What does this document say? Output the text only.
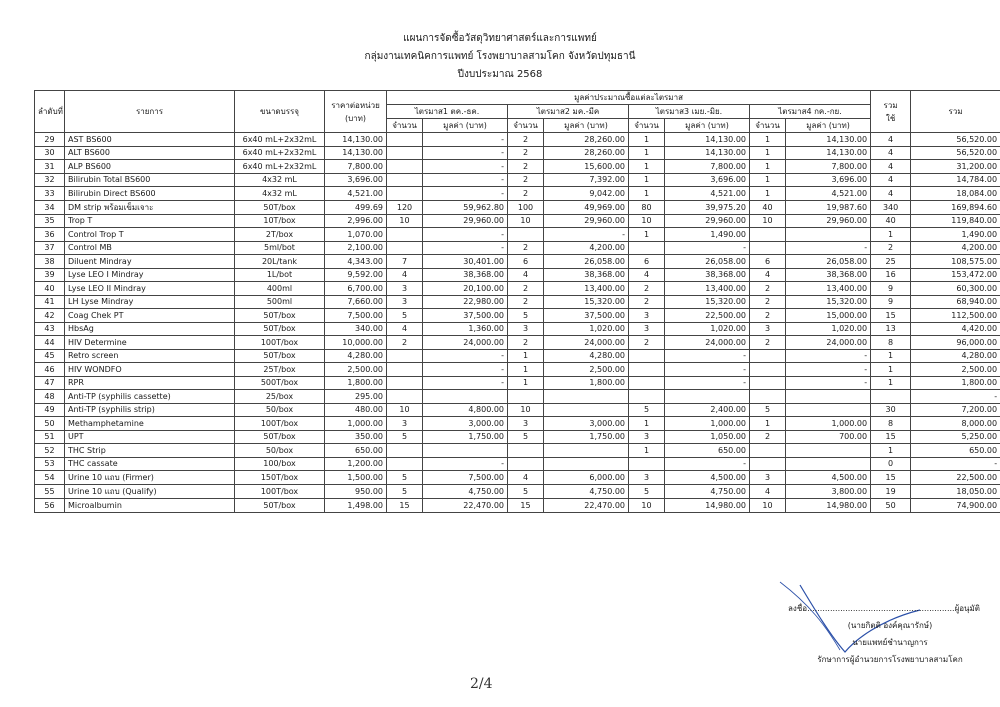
แผนการจัดซื้อวัสดุวิทยาศาสตร์และการแพทย์
กลุ่มงานเทคนิคการแพทย์ โรงพยาบาลสามโคก จังหวัดปทุมธานี
ปีงบประมาณ 2568
ลำดับที่	รายการ	ขนาดบรรจุ	ราคาต่อหน่วย
(บาท)	มูลค่าประมาณซื้อแต่ละไตรมาส								รวม
ใช้	รวม
				ไตรมาส1 ตค.-ธค.		ไตรมาส2 มค.-มีค		ไตรมาส3 เมย.-มิย.		ไตรมาส4 กค.-กย.			
				จำนวน	มูลค่า (บาท)	จำนวน	มูลค่า (บาท)	จำนวน	มูลค่า (บาท)	จำนวน	มูลค่า (บาท)		
29	AST BS600	6x40 mL+2x32mL	14,130.00		-	2	28,260.00	1	14,130.00	1	14,130.00	4	56,520.00
30	ALT BS600	6x40 mL+2x32mL	14,130.00		-	2	28,260.00	1	14,130.00	1	14,130.00	4	56,520.00
31	ALP BS600	6x40 mL+2x32mL	7,800.00		-	2	15,600.00	1	7,800.00	1	7,800.00	4	31,200.00
32	Bilirubin Total BS600	4x32 mL	3,696.00		-	2	7,392.00	1	3,696.00	1	3,696.00	4	14,784.00
33	Bilirubin Direct BS600	4x32 mL	4,521.00		-	2	9,042.00	1	4,521.00	1	4,521.00	4	18,084.00
34	DM strip พร้อมเข็มเจาะ	50T/box	499.69	120	59,962.80	100	49,969.00	80	39,975.20	40	19,987.60	340	169,894.60
35	Trop T	10T/box	2,996.00	10	29,960.00	10	29,960.00	10	29,960.00	10	29,960.00	40	119,840.00
36	Control Trop T	2T/box	1,070.00		-		-	1	1,490.00			1	1,490.00
37	Control MB	5ml/bot	2,100.00		-	2	4,200.00		-		-	2	4,200.00
38	Diluent Mindray	20L/tank	4,343.00	7	30,401.00	6	26,058.00	6	26,058.00	6	26,058.00	25	108,575.00
39	Lyse LEO I Mindray	1L/bot	9,592.00	4	38,368.00	4	38,368.00	4	38,368.00	4	38,368.00	16	153,472.00
40	Lyse LEO II Mindray	400ml	6,700.00	3	20,100.00	2	13,400.00	2	13,400.00	2	13,400.00	9	60,300.00
41	LH Lyse Mindray	500ml	7,660.00	3	22,980.00	2	15,320.00	2	15,320.00	2	15,320.00	9	68,940.00
42	Coag Chek PT	50T/box	7,500.00	5	37,500.00	5	37,500.00	3	22,500.00	2	15,000.00	15	112,500.00
43	HbsAg	50T/box	340.00	4	1,360.00	3	1,020.00	3	1,020.00	3	1,020.00	13	4,420.00
44	HIV Determine	100T/box	10,000.00	2	24,000.00	2	24,000.00	2	24,000.00	2	24,000.00	8	96,000.00
45	Retro screen	50T/box	4,280.00		-	1	4,280.00		-		-	1	4,280.00
46	HIV WONDFO	25T/box	2,500.00		-	1	2,500.00		-		-	1	2,500.00
47	RPR	500T/box	1,800.00		-	1	1,800.00		-		-	1	1,800.00
48	Anti-TP (syphilis cassette)	25/box	295.00										-
49	Anti-TP (syphilis strip)	50/box	480.00	10	4,800.00	10		5	2,400.00	5		30	7,200.00
50	Methamphetamine	100T/box	1,000.00	3	3,000.00	3	3,000.00	1	1,000.00	1	1,000.00	8	8,000.00
51	UPT	50T/box	350.00	5	1,750.00	5	1,750.00	3	1,050.00	2	700.00	15	5,250.00
52	THC Strip	50/box	650.00					1	650.00			1	650.00
53	THC cassate	100/box	1,200.00		-				-			0	-
54	Urine 10 แถบ (Firmer)	150T/box	1,500.00	5	7,500.00	4	6,000.00	3	4,500.00	3	4,500.00	15	22,500.00
55	Urine 10 แถบ (Qualify)	100T/box	950.00	5	4,750.00	5	4,750.00	5	4,750.00	4	3,800.00	19	18,050.00
56	Microalbumin	50T/box	1,498.00	15	22,470.00	15	22,470.00	10	14,980.00	10	14,980.00	50	74,900.00
ลงชื่อ..........................................................ผู้อนุมัติ
(นายกิตติ องค์คุณารักษ์)
นายแพทย์ชำนาญการ
รักษาการผู้อำนวยการโรงพยาบาลสามโคก
2/4
